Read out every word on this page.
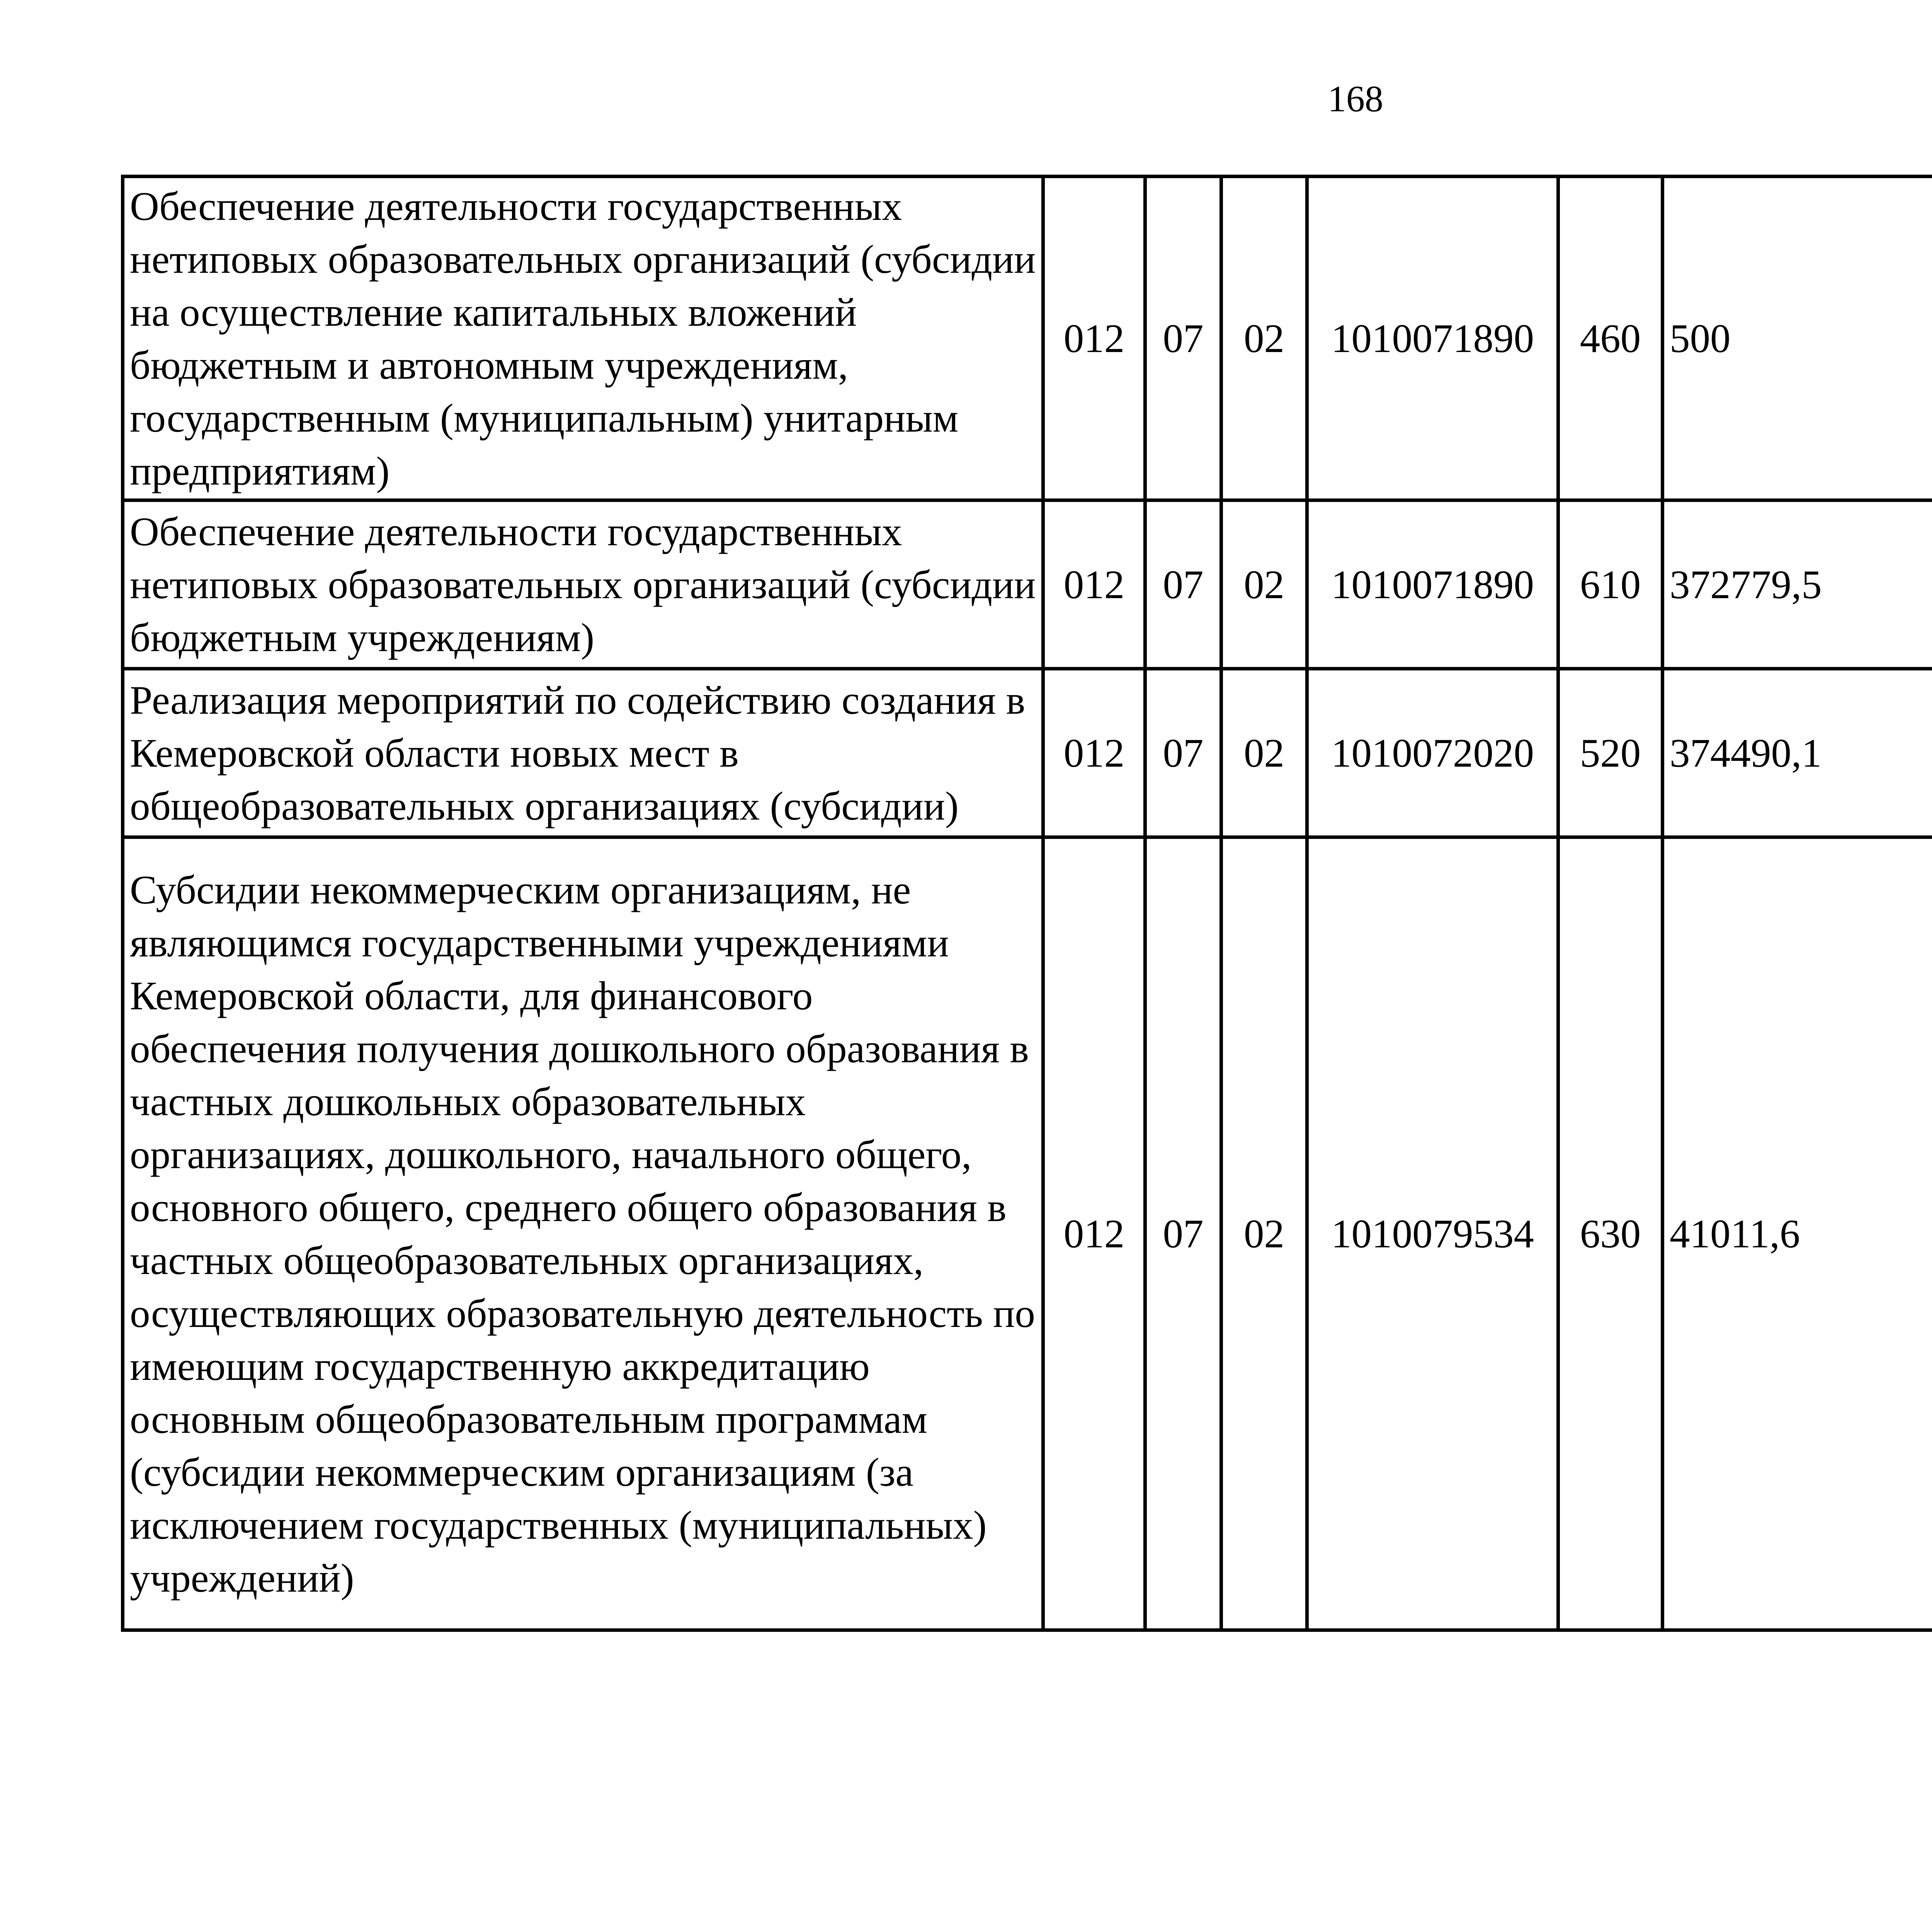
168
Обеспечение деятельности государственных нетиповых образовательных организаций (субсидии на осуществление капитальных вложений бюджетным и автономным учреждениям, государственным (муниципальным) унитарным предприятиям)	012	07	02	1010071890	460	500		
Обеспечение деятельности государственных нетиповых образовательных организаций (субсидии бюджетным учреждениям)	012	07	02	1010071890	610	372779,5		
Реализация мероприятий по содействию создания в Кемеровской области новых мест в общеобразовательных организациях (субсидии)	012	07	02	1010072020	520	374490,1		
Субсидии некоммерческим организациям, не являющимся государственными учреждениями Кемеровской области, для финансового обеспечения получения дошкольного образования в частных дошкольных образовательных организациях, дошкольного, начального общего, основного общего, среднего общего образования в частных общеобразовательных организациях, осуществляющих образовательную деятельность по имеющим государственную аккредитацию основным общеобразовательным программам (субсидии некоммерческим организациям (за исключением государственных (муниципальных) учреждений)	012	07	02	1010079534	630	41011,6		
